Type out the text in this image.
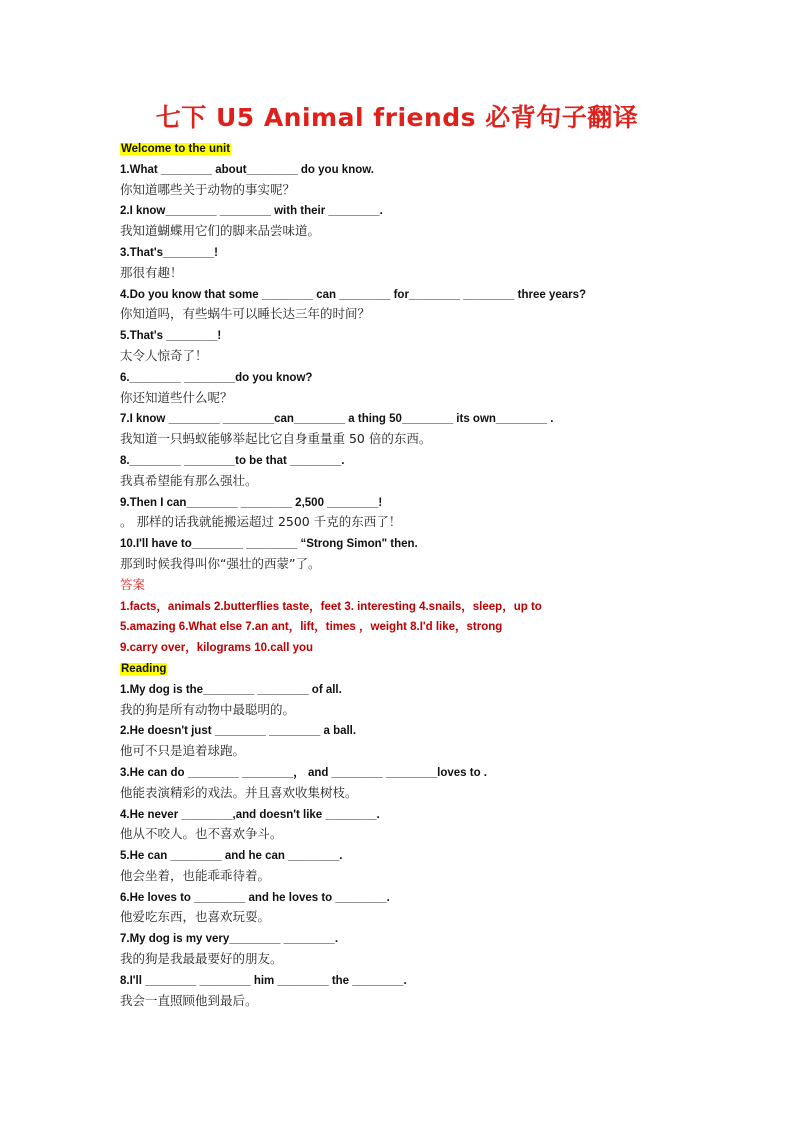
七下 U5 Animal friends 必背句子翻译
Welcome to the unit
1.What ________ about________ do you know.
你知道哪些关于动物的事实呢？
2.I know________ ________ with their ________.
我知道蝴蝶用它们的脚来品尝味道。
3.That's________!
那很有趣！
4.Do you know that some ________ can ________ for________ ________ three years?
你知道吗，有些蜗牛可以睡长达三年的时间？
5.That's ________!
太令人惊奇了！
6.________ ________do you know?
你还知道些什么呢？
7.I know ________ ________can________ a thing 50________ its own________ .
我知道一只蚂蚁能够举起比它自身重量重 50 倍的东西。
8.________ ________to be that ________.
我真希望能有那么强壮。
9.Then I can________ ________ 2,500 ________!
。 那样的话我就能搬运超过 2500 千克的东西了！
10.I'll have to________ ________ “Strong Simon" then.
那到时候我得叫你“强壮的西蒙”了。
答案
1.facts，animals 2.butterflies taste，feet 3. interesting 4.snails，sleep，up to
5.amazing 6.What else 7.an ant，lift，times ，weight 8.I'd like，strong
9.carry over，kilograms 10.call you
Reading
1.My dog is the________ ________ of all.
我的狗是所有动物中最聪明的。
2.He doesn't just ________ ________ a ball.
他可不只是追着球跑。
3.He can do ________ ________， and ________ ________loves to .
他能表演精彩的戏法。并且喜欢收集树枝。
4.He never ________,and doesn't like ________.
他从不咬人。也不喜欢争斗。
5.He can ________ and he can ________.
他会坐着，也能乖乖待着。
6.He loves to ________ and he loves to ________.
他爱吃东西，也喜欢玩耍。
7.My dog is my very________ ________.
我的狗是我最最要好的朋友。
8.I'll ________ ________ him ________ the ________.
我会一直照顾他到最后。
